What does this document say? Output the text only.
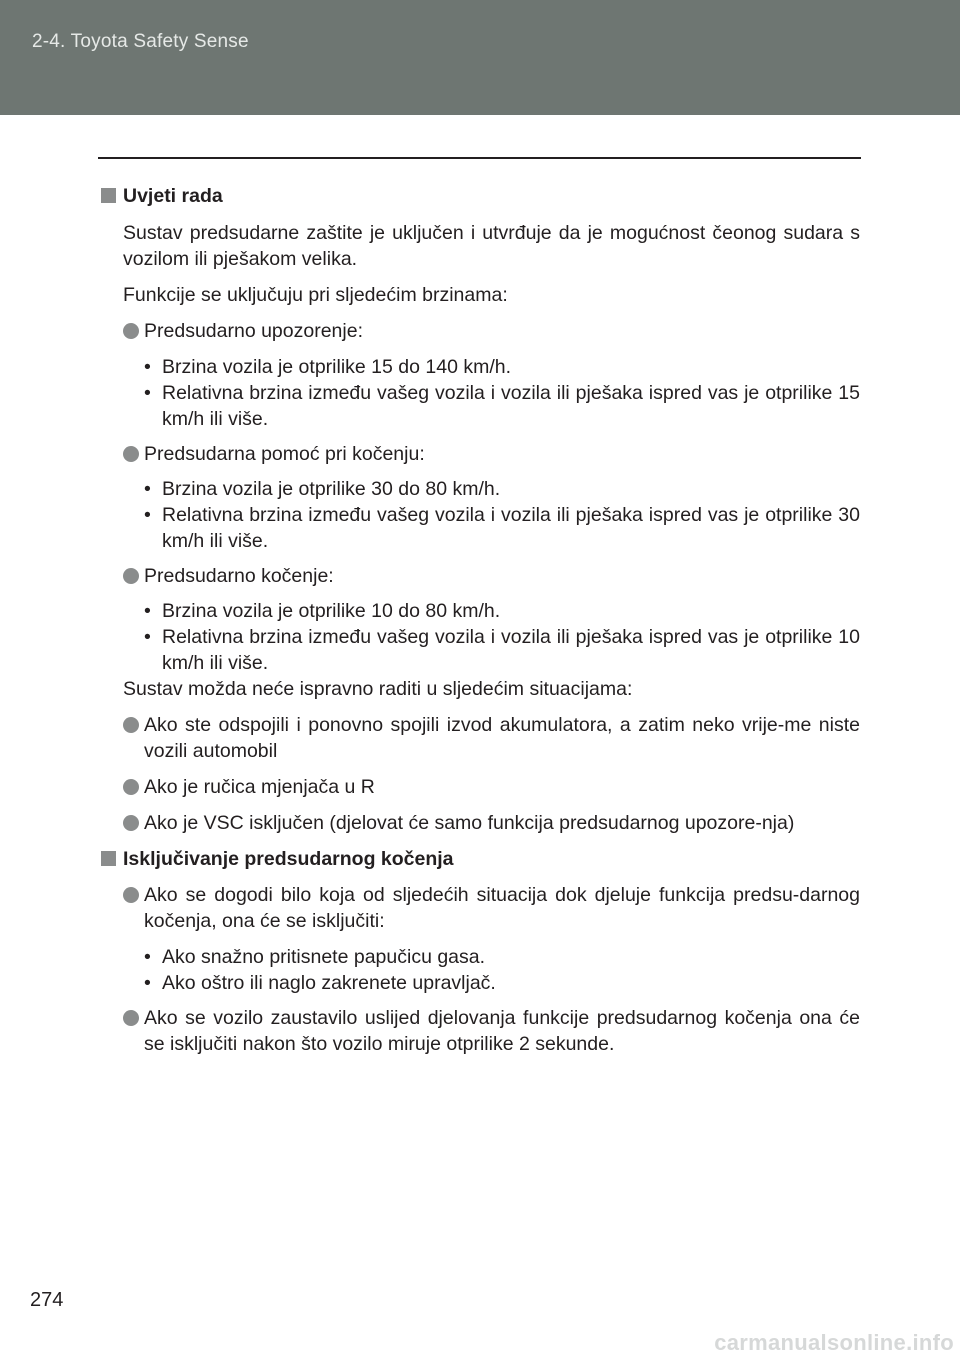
2-4. Toyota Safety Sense
Uvjeti rada
Sustav predsudarne zaštite je uključen i utvrđuje da je mogućnost čeonog sudara s vozilom ili pješakom velika.
Funkcije se uključuju pri sljedećim brzinama:
Predsudarno upozorenje:
• Brzina vozila je otprilike 15 do 140 km/h.
• Relativna brzina između vašeg vozila i vozila ili pješaka ispred vas je otprilike 15 km/h ili više.
Predsudarna pomoć pri kočenju:
• Brzina vozila je otprilike 30 do 80 km/h.
• Relativna brzina između vašeg vozila i vozila ili pješaka ispred vas je otprilike 30 km/h ili više.
Predsudarno kočenje:
• Brzina vozila je otprilike 10 do 80 km/h.
• Relativna brzina između vašeg vozila i vozila ili pješaka ispred vas je otprilike 10 km/h ili više.
Sustav možda neće ispravno raditi u sljedećim situacijama:
Ako ste odspojili i ponovno spojili izvod akumulatora, a zatim neko vrije-me niste vozili automobil
Ako je ručica mjenjača u R
Ako je VSC isključen (djelovat će samo funkcija predsudarnog upozore-nja)
Isključivanje predsudarnog kočenja
Ako se dogodi bilo koja od sljedećih situacija dok djeluje funkcija predsu-darnog kočenja, ona će se isključiti:
• Ako snažno pritisnete papučicu gasa.
• Ako oštro ili naglo zakrenete upravljač.
Ako se vozilo zaustavilo uslijed djelovanja funkcije predsudarnog kočenja ona će se isključiti nakon što vozilo miruje otprilike 2 sekunde.
274
carmanualsonline.info
